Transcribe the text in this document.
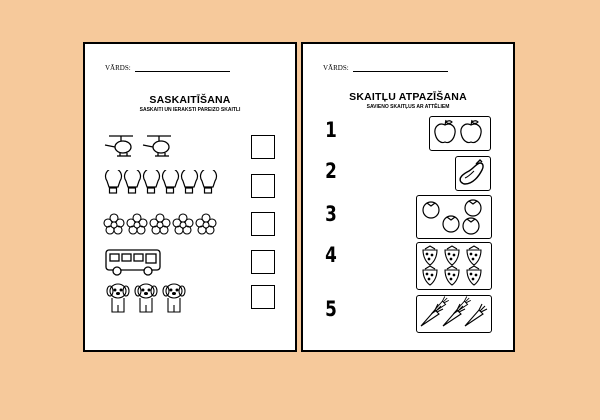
VĀRDS:
SASKAITĪŠANA
SASKAITI UN IERAKSTI PAREIZO SKAITLI
VĀRDS:
SKAITĻU ATPAZĪŠANA
SAVIENO SKAITĻUS AR ATTĒLIEM
1
2
3
4
5
